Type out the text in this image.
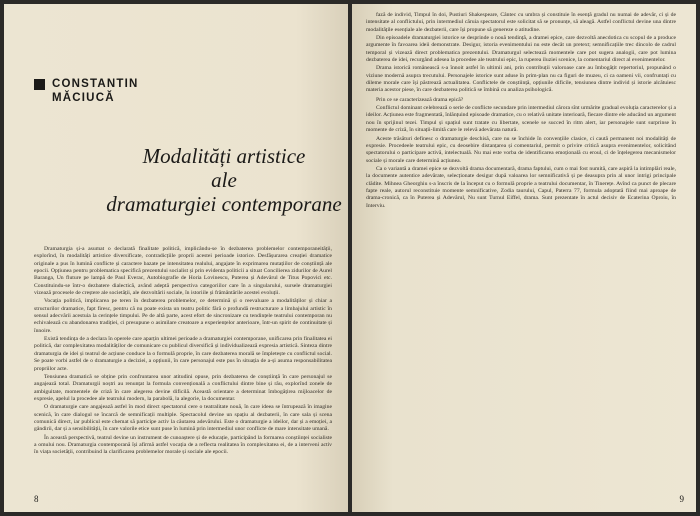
CONSTANTIN
MĂCIUCĂ
Modalități artistice
ale
dramaturgiei contemporane

Dramaturgia și-a asumat o declarată finalitate politică, implicându-se în dezbaterea problemelor contemporaneității, explorînd, în modalități artistice diversificate, contradicțiile proprii acestei perioade istorice. Desfășurarea creației dramatice originale a pus în lumină conflicte și caractere bazate pe intensitatea realului, angajate în exprimarea mutațiilor de conștiință ale epocii. Opțiunea pentru problematica specifică prezentului socialist și prin evidenta politicii a situat Concilierea zidurilor de Aurel Baranga, Un fluture pe lampă de Paul Everac, Autobiografie de Horia Lovinescu, Puterea și Adevărul de Titus Popovici etc. Constituindu-se într-o dezbatere dialectică, având adeptă perspectiva categoriilor care în a singularului, sursele dramaturgiei vizează procesele de creștere ale societății, ale dezvoltării sociale, în istoriile și frământările acestei evoluții.

Vocația politică, implicarea pe teren în dezbaterea problemelor, ce determină și o reevaluare a modalităților și chiar a structurilor dramatice, fapt firesc, pentru că nu poate exista un teatru politic fără o profundă restructurare a limbajului artistic în sensul adecvării acestuia la cerințele timpului. Pe de altă parte, acest efort de sincronizare cu tendințele teatrului contemporan nu echivalează cu abandonarea tradiției, ci presupune o asimilare creatoare a experiențelor anterioare, într-un spirit de continuitate și înnoire.

Există tendința de a declara în operele care aparțin ultimei perioade a dramaturgiei contemporane, unificarea prin finalitatea ei politică, dar complexitatea modalităților de comunicare cu publicul diversifică și individualizează expresia artistică. Sinteza dintre dramaturgia de idei și teatrul de acțiune conduce la o formulă proprie, în care dezbaterea morală se împletește cu conflictul social. Se poate vorbi astfel de o dramaturgie a deciziei, a opțiunii, în care personajul este pus în situația de a-și asuma responsabilitatea propriilor acte.

Tensiunea dramatică se obține prin confruntarea unor atitudini opuse, prin dezbaterea de conștiință în care personajul se angajează total. Dramaturgii noștri au renunțat la formula convențională a conflictului dintre bine și rău, explorînd zonele de ambiguitate, momentele de criză în care alegerea devine dificilă. Această orientare a determinat îmbogățirea mijloacelor de expresie, apelul la procedee ale teatrului modern, la parabolă, la alegorie, la documentar.

O dramaturgie care angajează astfel în mod direct spectatorul cere o teatralitate nouă, în care ideea se întrupează în imagine scenică, în care dialogul se încarcă de semnificații multiple. Spectacolul devine un spațiu al dezbaterii, în care sala și scena comunică direct, iar publicul este chemat să participe activ la căutarea adevărului. Este o dramaturgie a ideilor, dar și a emoției, a gândirii, dar și a sensibilității, în care valorile etice sunt puse în lumină prin intermediul unor conflicte de mare intensitate umană.

În această perspectivă, teatrul devine un instrument de cunoaștere și de educație, participând la formarea conștiinței socialiste a omului nou. Dramaturgia contemporană își afirmă astfel vocația de a reflecta realitatea în complexitatea ei, de a interveni activ în viața societății, contribuind la clarificarea problemelor morale și sociale ale epocii.

8

fază de individ, Timpul în doi, Pustiuri Shakespeare, Cântec cu umbra și constituie în esență gradul nu numai de adevăr, ci și de intensitate al conflictului, prin intermediul căruia spectatorul este solicitat să se pronunțe, să aleagă. Astfel conflictul devine una dintre modalitățile esențiale ale dezbaterii, care își propune să genereze o atitudine.

Din episoadele dramaturgiei istorice se desprinde o nouă tendință, a dramei epice, care dezvoltă anecdotica cu scopul de a produce argumente în favoarea ideii demonstrate. Desigur, istoria evenimentului nu este decât un pretext; semnificațiile trec dincolo de cadrul temporal și vizează direct problematica prezentului. Dramaturgul selectează momentele care pot sugera analogii, care pot lumina dezbaterea de idei, recurgând adesea la procedee ale teatrului epic, la ruperea iluziei scenice, la comentariul direct al evenimentelor.

Drama istorică românească s-a înnoit astfel în ultimii ani, prin contribuții valoroase care au îmbogățit repertoriul, propunând o viziune modernă asupra trecutului. Personajele istorice sunt aduse în prim-plan nu ca figuri de muzeu, ci ca oameni vii, confruntați cu dileme morale care își păstrează actualitatea. Conflictele de conștiință, opțiunile dificile, tensiunea dintre individ și istorie alcătuiesc materia acestor piese, în care dezbaterea politică se îmbină cu analiza psihologică.

Prin ce se caracterizează drama epică?

Conflictul dominant celebrează o serie de conflicte secundare prin intermediul cărora sînt urmărite gradual evoluția caracterelor și a ideilor. Acțiunea este fragmentată, înlănțuind episoade dramatice, cu o relativă unitate interioară, fiecare dintre ele aducând un argument nou în sprijinul tezei. Timpul și spațiul sunt tratate cu libertate, scenele se succed în ritm alert, iar personajele sunt surprinse în momente de criză, în situații-limită care le relevă adevărata natură.

Aceste trăsături definesc o dramaturgie deschisă, care nu se închide în convențiile clasice, ci caută permanent noi modalități de expresie. Procedeele teatrului epic, cu deosebire distanțarea și comentariul, permit o privire critică asupra evenimentelor, solicitând spectatorului o participare activă, intelectuală. Nu mai este vorba de identificarea emoțională cu eroul, ci de înțelegerea mecanismelor sociale și morale care determină acțiunea.

Ca o variantă a dramei epice se dezvoltă drama documentară, drama faptului, cum o mai fost numită, care aspiră la intimplări reale, la documente autentice adevărate, selecționate desigur după valoarea lor semnificativă și pe deasupra prin al unor intrigi principale clădite. Mihnea Gheorghiu s-a înscris de la început cu o formulă proprie a teatrului documentar, în Tinerețe. Avînd ca punct de plecare fapte reale, autorul reconstituie momente semnificative, Zodia taurului, Capul, Paterra 77, formula adoptată fiind mai aproape de drama-cronică, ca în Puterea și Adevărul, Nu sunt Turnul Eiffel, drama. Sunt prezentate în actul decisiv de Ecaterina Oproiu, în Interviu.

9
